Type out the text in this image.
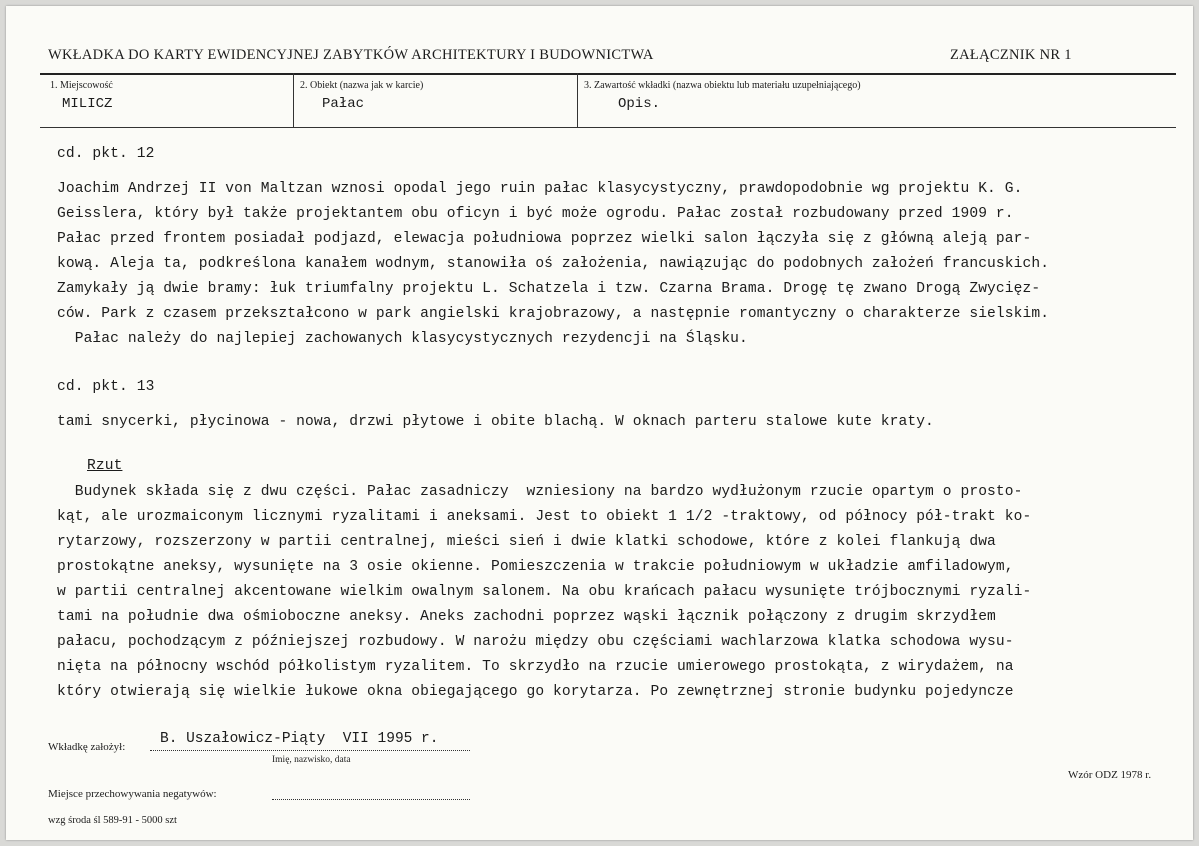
WKŁADKA DO KARTY EWIDENCYJNEJ ZABYTKÓW ARCHITEKTURY I BUDOWNICTWA	ZAŁĄCZNIK NR 1
1. Miejscowość
MILICZ
2. Obiekt (nazwa jak w karcie)
Pałac
3. Zawartość wkładki (nazwa obiektu lub materiału uzupełniającego)
Opis.
cd. pkt. 12
Joachim Andrzej II von Maltzan wznosi opodal jego ruin pałac klasycystyczny, prawdopodobnie wg projektu K. G.
Geisslera, który był także projektantem obu oficyn i być może ogrodu. Pałac został rozbudowany przed 1909 r.
Pałac przed frontem posiadał podjazd, elewacja południowa poprzez wielki salon łączyła się z główną aleją par-
kową. Aleja ta, podkreślona kanałem wodnym, stanowiła oś założenia, nawiązując do podobnych założeń francuskich.
Zamykały ją dwie bramy: łuk triumfalny projektu L. Schatzela i tzw. Czarna Brama. Drogę tę zwano Drogą Zwycięz-
ców. Park z czasem przekształcono w park angielski krajobrazowy, a następnie romantyczny o charakterze sielskim.
Pałac należy do najlepiej zachowanych klasycystycznych rezydencji na Śląsku.
cd. pkt. 13
tami snycerki, płycinowa - nowa, drzwi płytowe i obite blachą. W oknach parteru stalowe kute kraty.
Rzut
Budynek składa się z dwu części. Pałac zasadniczy  wzniesiony na bardzo wydłużonym rzucie opartym o prosto-
kąt, ale urozmaiconym licznymi ryzalitami i aneksami. Jest to obiekt 1 1/2 -traktowy, od północy pół-trakt ko-
rytarzowy, rozszerzony w partii centralnej, mieści sień i dwie klatki schodowe, które z kolei flankują dwa
prostokątne aneksy, wysunięte na 3 osie okienne. Pomieszczenia w trakcie południowym w układzie amfiladowym,
w partii centralnej akcentowane wielkim owalnym salonem. Na obu krańcach pałacu wysunięte trójbocznymi ryzali-
tami na południe dwa ośmioboczne aneksy. Aneks zachodni poprzez wąski łącznik połączony z drugim skrzydłem
pałacu, pochodzącym z późniejszej rozbudowy. W narożu między obu częściami wachlarzowa klatka schodowa wysu-
nięta na północny wschód półkolistym ryzalitem. To skrzydło na rzucie umierowego prostokąta, z wirydażem, na
który otwierają się wielkie łukowe okna obiegającego go korytarza. Po zewnętrznej stronie budynku pojedyncze
Wkładkę założył: B. Uszałowicz-Piąty  VII 1995 r.
Imię, nazwisko, data
Miejsce przechowywania negatywów:
Wzór ODZ 1978 r.
wzg środa śl 589-91 - 5000 szt
